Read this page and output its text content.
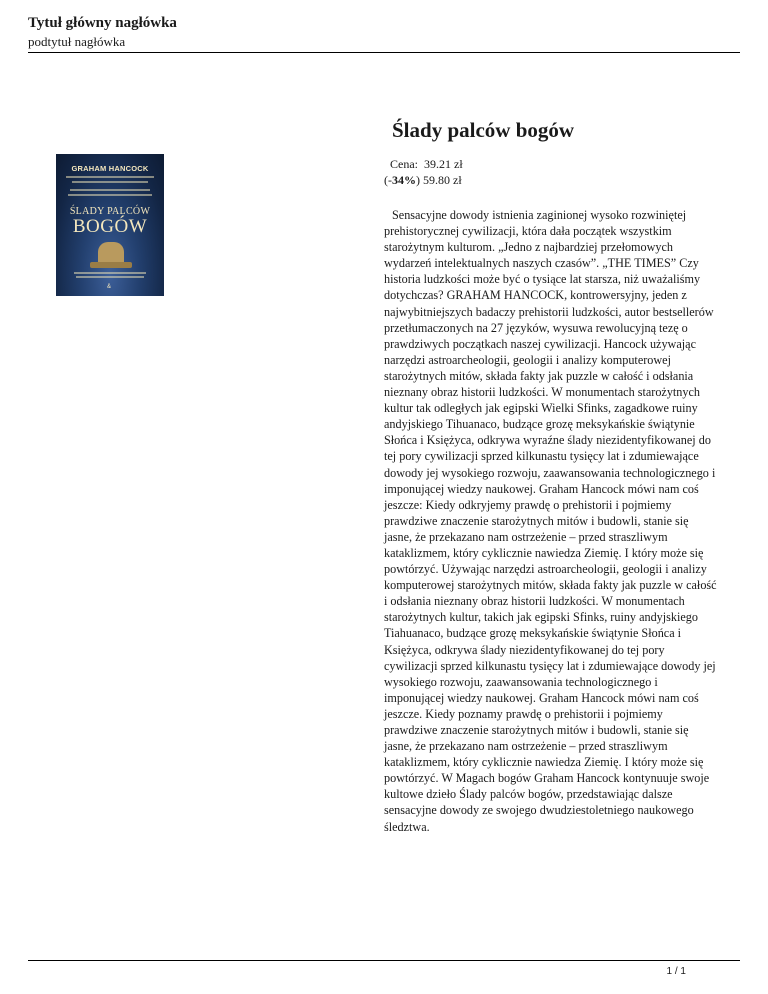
Tytuł główny nagłówka

podtytuł nagłówka

GRAHAM HANCOCK
ŚLADY PALCÓW
BOGÓW
&
Ślady palców bogów
Cena: 39.21 zł
(-34%) 59.80 zł

Sensacyjne dowody istnienia zaginionej wysoko rozwiniętej prehistorycznej cywilizacji, która dała początek wszystkim starożytnym kulturom. „Jedno z najbardziej przełomowych wydarzeń intelektualnych naszych czasów”. „THE TIMES” Czy historia ludzkości może być o tysiące lat starsza, niż uważaliśmy dotychczas? GRAHAM HANCOCK, kontrowersyjny, jeden z najwybitniejszych badaczy prehistorii ludzkości, autor bestsellerów przetłumaczonych na 27 języków, wysuwa rewolucyjną tezę o prawdziwych początkach naszej cywilizacji. Hancock używając narzędzi astroarcheologii, geologii i analizy komputerowej starożytnych mitów, składa fakty jak puzzle w całość i odsłania nieznany obraz historii ludzkości. W monumentach starożytnych kultur tak odległych jak egipski Wielki Sfinks, zagadkowe ruiny andyjskiego Tihuanaco, budzące grozę meksykańskie świątynie Słońca i Księżyca, odkrywa wyraźne ślady niezidentyfikowanej do tej pory cywilizacji sprzed kilkunastu tysięcy lat i zdumiewające dowody jej wysokiego rozwoju, zaawansowania technologicznego i imponującej wiedzy naukowej. Graham Hancock mówi nam coś jeszcze: Kiedy odkryjemy prawdę o prehistorii i pojmiemy prawdziwe znaczenie starożytnych mitów i budowli, stanie się jasne, że przekazano nam ostrzeżenie – przed straszliwym kataklizmem, który cyklicznie nawiedza Ziemię. I który może się powtórzyć. Używając narzędzi astroarcheologii, geologii i analizy komputerowej starożytnych mitów, składa fakty jak puzzle w całość i odsłania nieznany obraz historii ludzkości. W monumentach starożytnych kultur, takich jak egipski Sfinks, ruiny andyjskiego Tiahuanaco, budzące grozę meksykańskie świątynie Słońca i Księżyca, odkrywa ślady niezidentyfikowanej do tej pory cywilizacji sprzed kilkunastu tysięcy lat i zdumiewające dowody jej wysokiego rozwoju, zaawansowania technologicznego i imponującej wiedzy naukowej. Graham Hancock mówi nam coś jeszcze. Kiedy poznamy prawdę o prehistorii i pojmiemy prawdziwe znaczenie starożytnych mitów i budowli, stanie się jasne, że przekazano nam ostrzeżenie – przed straszliwym kataklizmem, który cyklicznie nawiedza Ziemię. I który może się powtórzyć. W Magach bogów Graham Hancock kontynuuje swoje kultowe dzieło Ślady palców bogów, przedstawiając dalsze sensacyjne dowody ze swojego dwudziestoletniego naukowego śledztwa.

1 / 1
